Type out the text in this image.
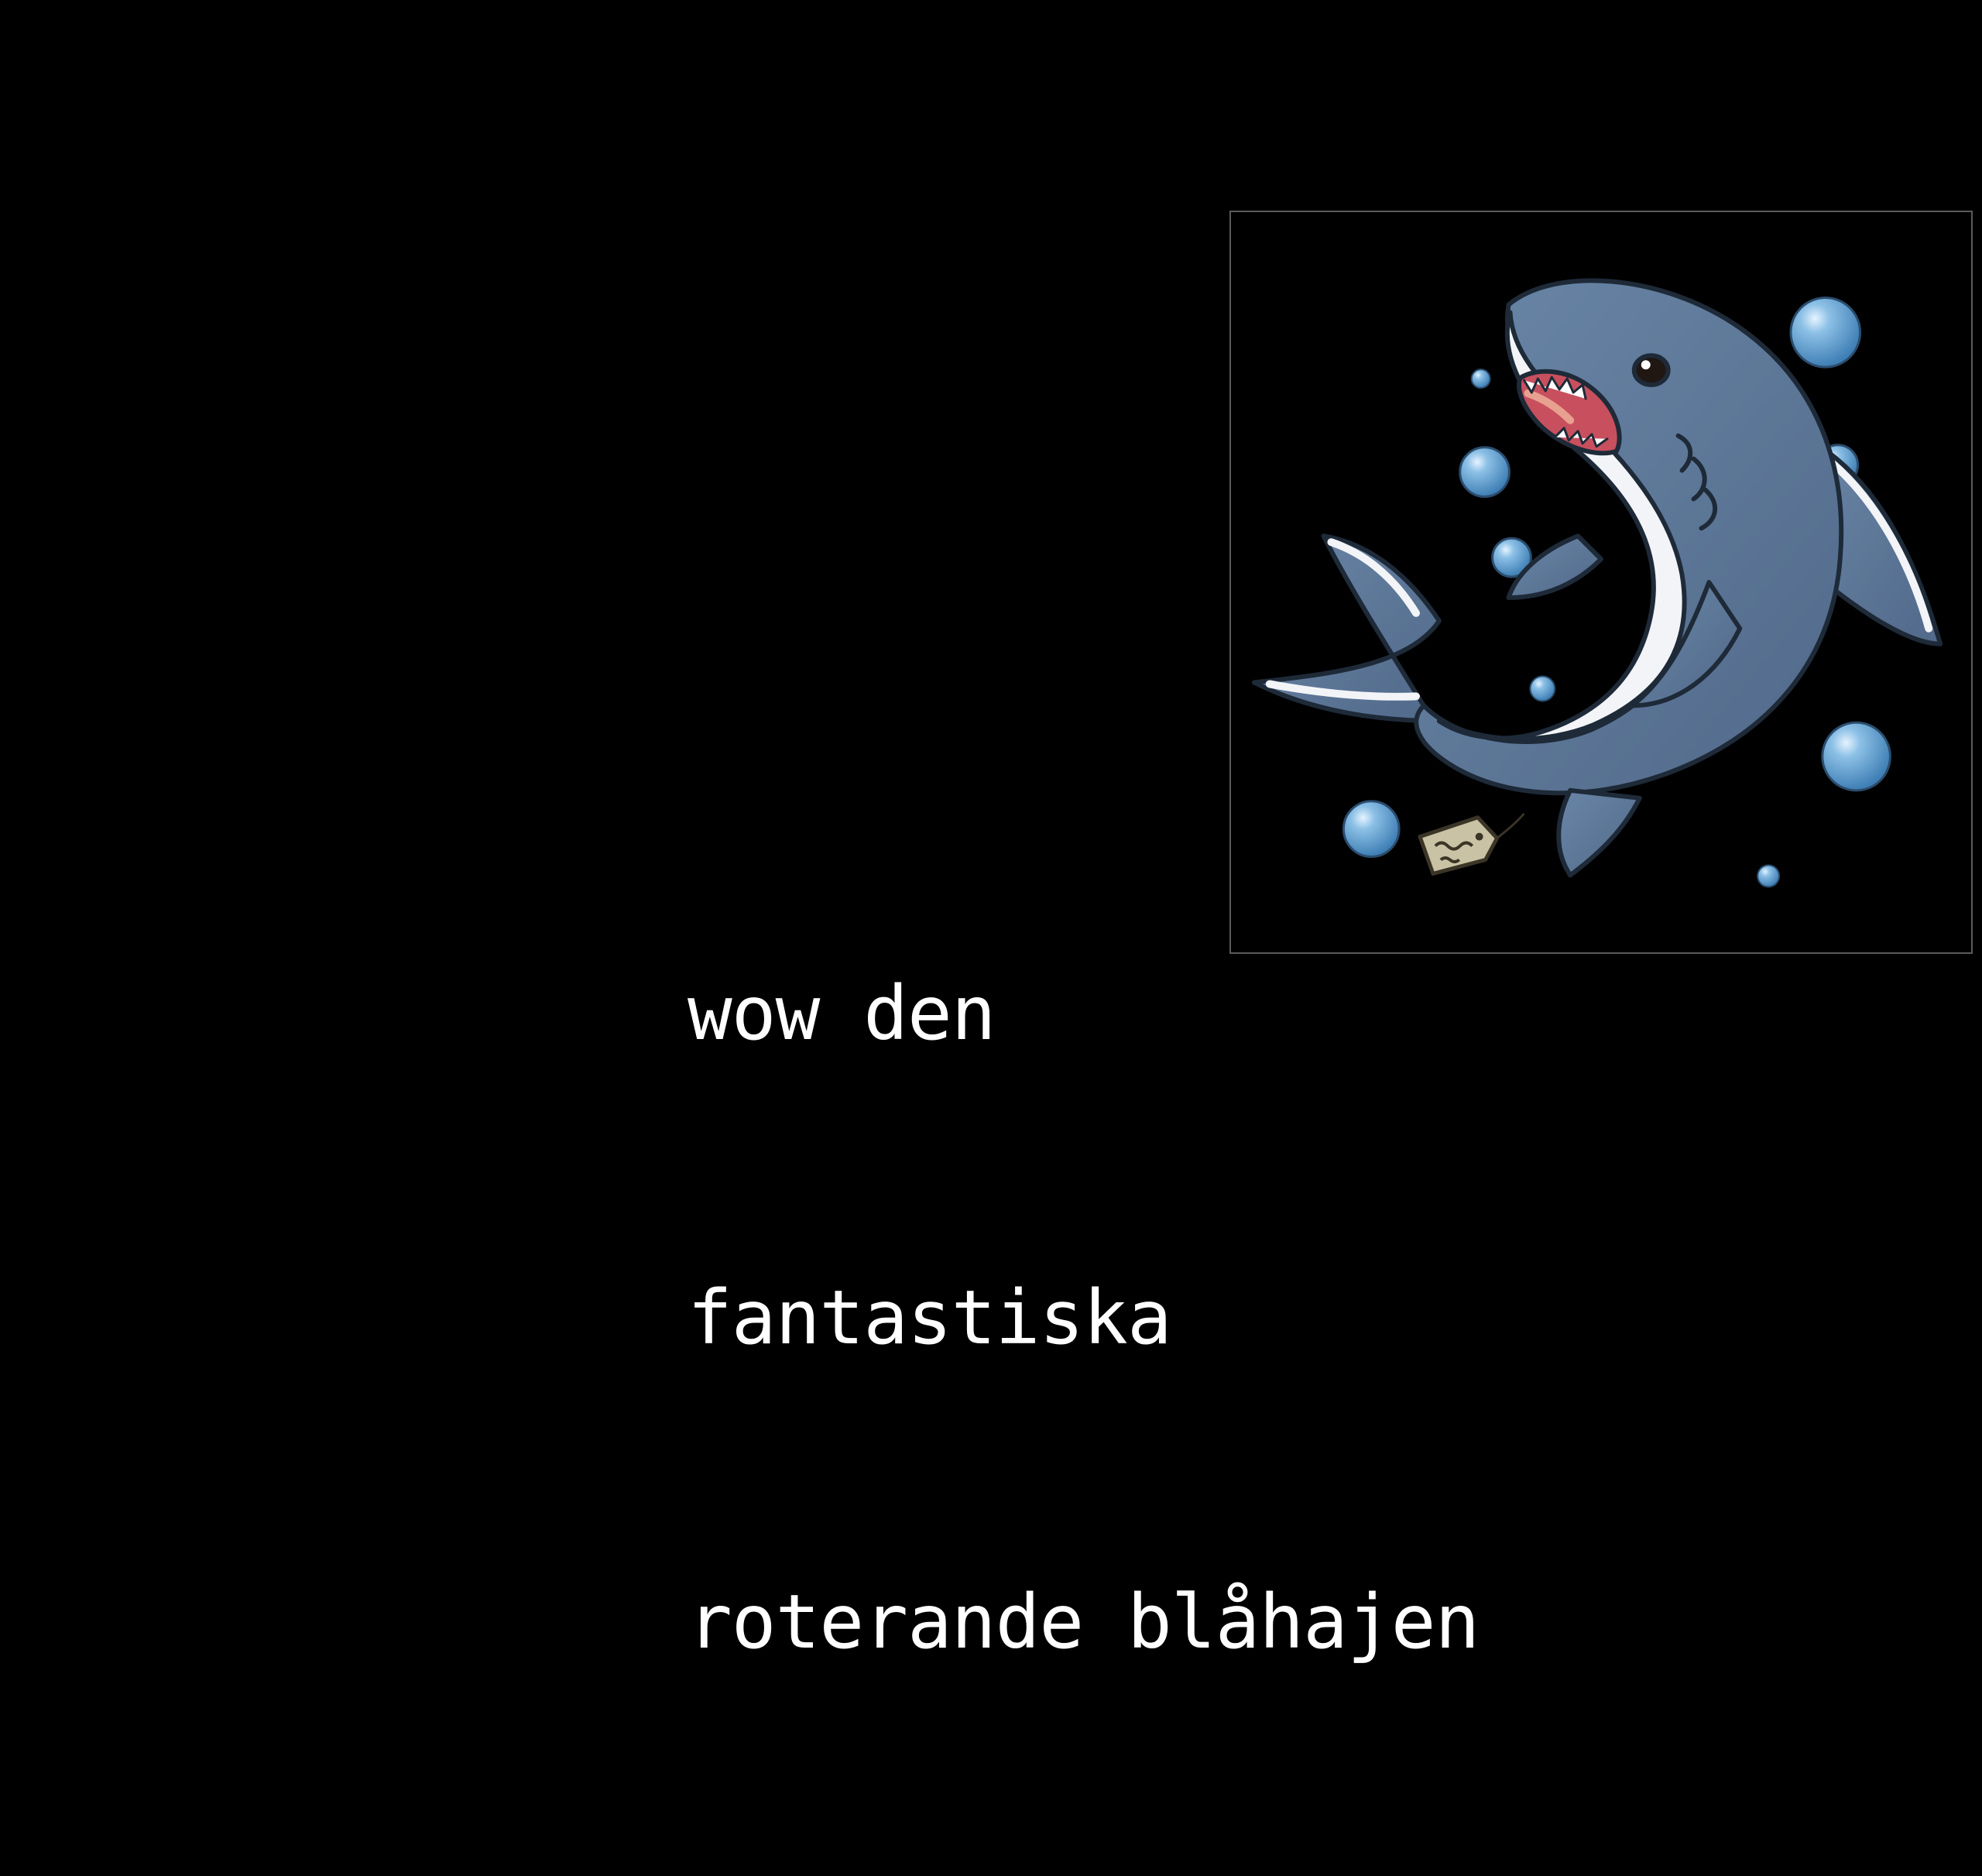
wow den

fantastiska

roterande blåhajen
